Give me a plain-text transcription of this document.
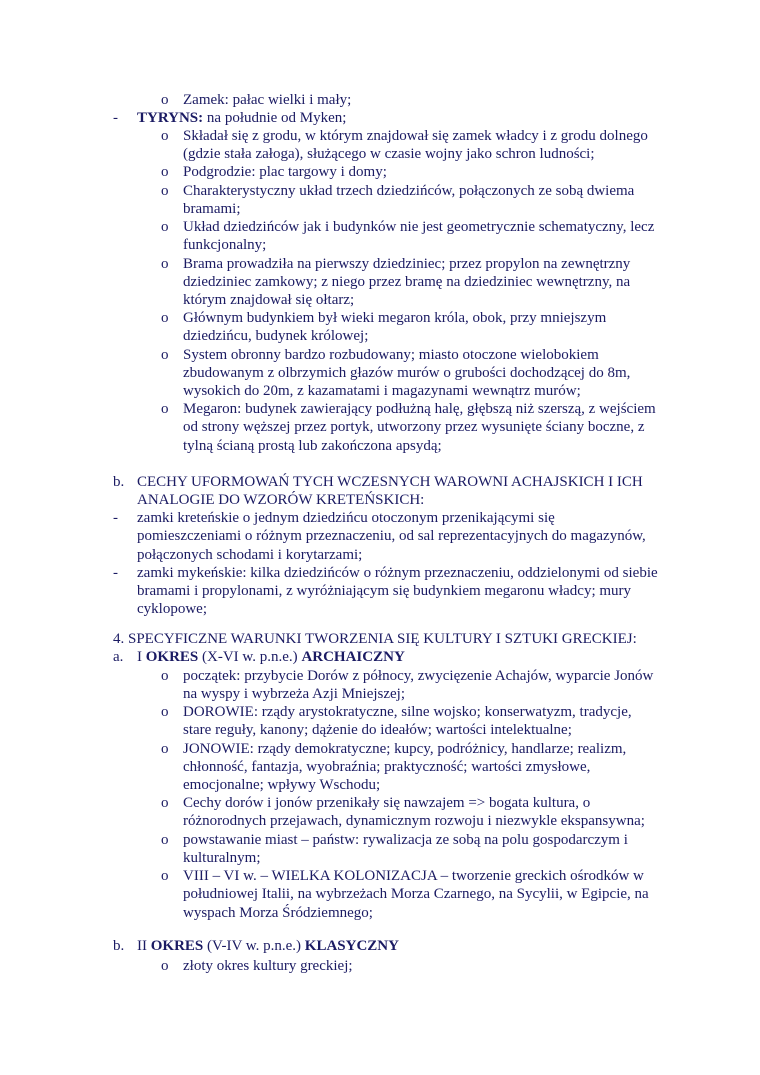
o Zamek: pałac wielki i mały;
- TYRYNS: na południe od Myken;
o Składał się z grodu, w którym znajdował się zamek władcy i z grodu dolnego
(gdzie stała załoga), służącego w czasie wojny jako schron ludności;
o Podgrodzie: plac targowy i domy;
o Charakterystyczny układ trzech dziedzińców, połączonych ze sobą dwiema
bramami;
o Układ dziedzińców jak i budynków nie jest geometrycznie schematyczny, lecz
funkcjonalny;
o Brama prowadziła na pierwszy dziedziniec; przez propylon na zewnętrzny
dziedziniec zamkowy; z niego przez bramę na dziedziniec wewnętrzny, na
którym znajdował się ołtarz;
o Głównym budynkiem był wieki megaron króla, obok, przy mniejszym
dziedzińcu, budynek królowej;
o System obronny bardzo rozbudowany; miasto otoczone wielobokiem
zbudowanym z olbrzymich głazów murów o grubości dochodzącej do 8m,
wysokich do 20m, z kazamatami i magazynami wewnątrz murów;
o Megaron: budynek zawierający podłużną halę, głębszą niż szerszą, z wejściem
od strony węższej przez portyk, utworzony przez wysunięte ściany boczne, z
tylną ścianą prostą lub zakończona apsydą;
b. CECHY UFORMOWAŃ TYCH WCZESNYCH WAROWNI ACHAJSKICH I ICH
ANALOGIE DO WZORÓW KRETEŃSKICH:
- zamki kreteńskie o jednym dziedzińcu otoczonym przenikającymi się
pomieszczeniami o różnym przeznaczeniu, od sal reprezentacyjnych do magazynów,
połączonych schodami i korytarzami;
- zamki mykeńskie: kilka dziedzińców o różnym przeznaczeniu, oddzielonymi od siebie
bramami i propylonami, z wyróżniającym się budynkiem megaronu władcy; mury
cyklopowe;
4. SPECYFICZNE WARUNKI TWORZENIA SIĘ KULTURY I SZTUKI GRECKIEJ:
a. I OKRES (X-VI w. p.n.e.) ARCHAICZNY
o początek: przybycie Dorów z północy, zwycięzenie Achajów, wyparcie Jonów
na wyspy i wybrzeża Azji Mniejszej;
o DOROWIE: rządy arystokratyczne, silne wojsko; konserwatyzm, tradycje,
stare reguły, kanony; dążenie do ideałów; wartości intelektualne;
o JONOWIE: rządy demokratyczne; kupcy, podróżnicy, handlarze; realizm,
chłonność, fantazja, wyobraźnia; praktyczność; wartości zmysłowe,
emocjonalne; wpływy Wschodu;
o Cechy dorów i jonów przenikały się nawzajem => bogata kultura, o
różnorodnych przejawach, dynamicznym rozwoju i niezwykle ekspansywna;
o powstawanie miast – państw: rywalizacja ze sobą na polu gospodarczym i
kulturalnym;
o VIII – VI w. – WIELKA KOLONIZACJA – tworzenie greckich ośrodków w
południowej Italii, na wybrzeżach Morza Czarnego, na Sycylii, w Egipcie, na
wyspach Morza Śródziemnego;
b. II OKRES (V-IV w. p.n.e.) KLASYCZNY
o złoty okres kultury greckiej;
